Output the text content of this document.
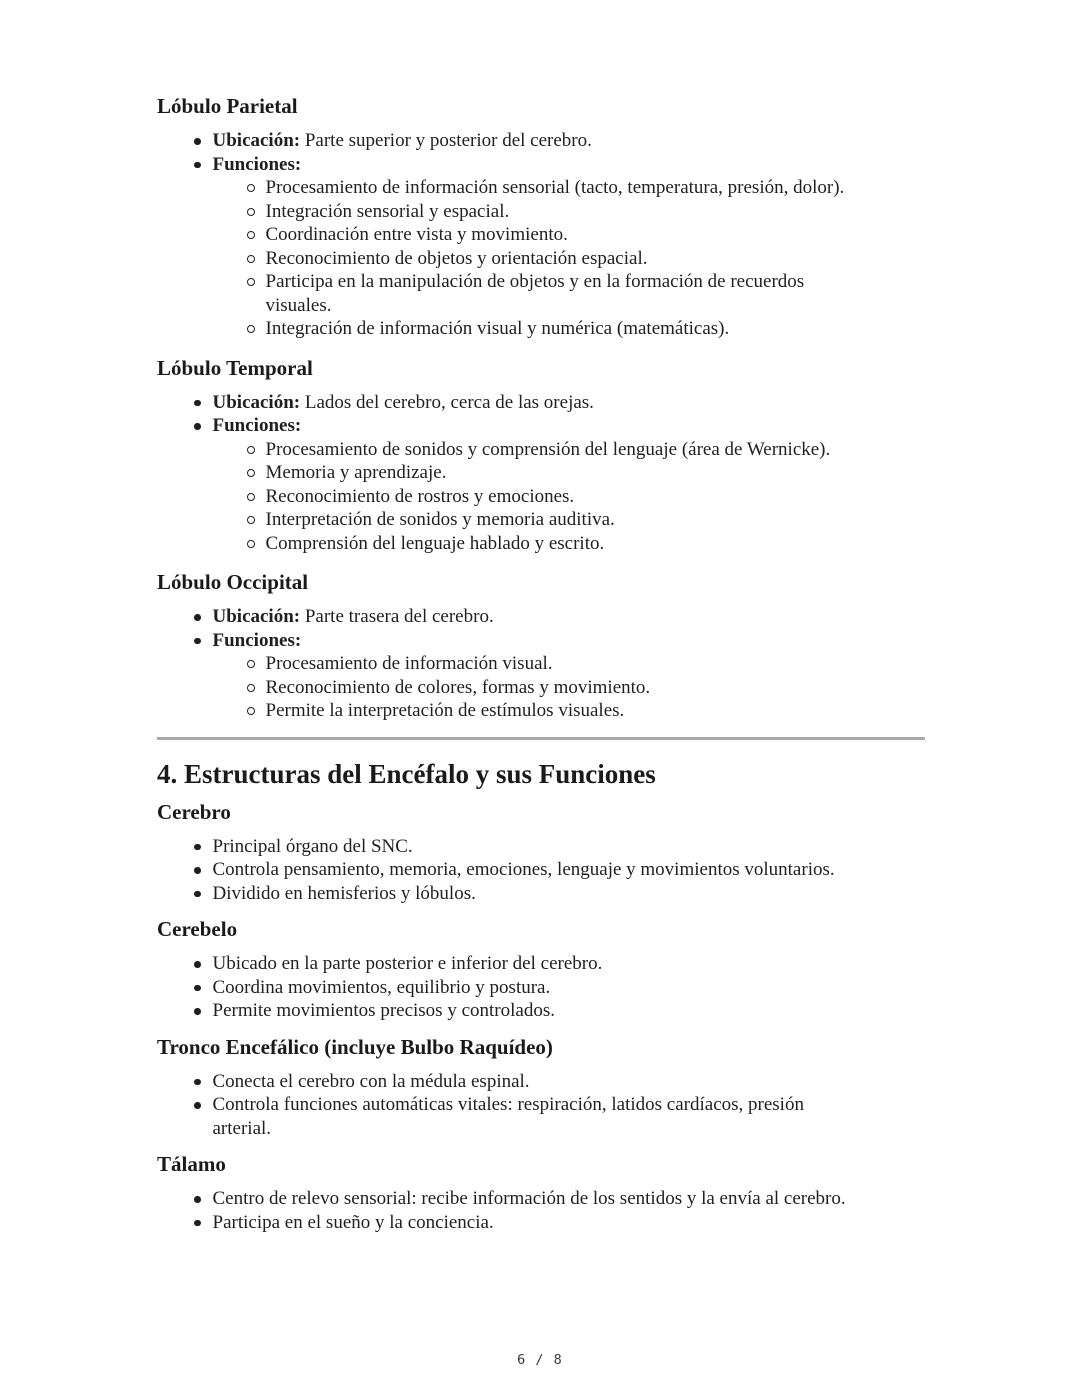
Lóbulo Parietal
Ubicación: Parte superior y posterior del cerebro.
Funciones:
Procesamiento de información sensorial (tacto, temperatura, presión, dolor).
Integración sensorial y espacial.
Coordinación entre vista y movimiento.
Reconocimiento de objetos y orientación espacial.
Participa en la manipulación de objetos y en la formación de recuerdos
visuales.
Integración de información visual y numérica (matemáticas).
Lóbulo Temporal
Ubicación: Lados del cerebro, cerca de las orejas.
Funciones:
Procesamiento de sonidos y comprensión del lenguaje (área de Wernicke).
Memoria y aprendizaje.
Reconocimiento de rostros y emociones.
Interpretación de sonidos y memoria auditiva.
Comprensión del lenguaje hablado y escrito.
Lóbulo Occipital
Ubicación: Parte trasera del cerebro.
Funciones:
Procesamiento de información visual.
Reconocimiento de colores, formas y movimiento.
Permite la interpretación de estímulos visuales.
4. Estructuras del Encéfalo y sus Funciones
Cerebro
Principal órgano del SNC.
Controla pensamiento, memoria, emociones, lenguaje y movimientos voluntarios.
Dividido en hemisferios y lóbulos.
Cerebelo
Ubicado en la parte posterior e inferior del cerebro.
Coordina movimientos, equilibrio y postura.
Permite movimientos precisos y controlados.
Tronco Encefálico (incluye Bulbo Raquídeo)
Conecta el cerebro con la médula espinal.
Controla funciones automáticas vitales: respiración, latidos cardíacos, presión
arterial.
Tálamo
Centro de relevo sensorial: recibe información de los sentidos y la envía al cerebro.
Participa en el sueño y la conciencia.
6 / 8
